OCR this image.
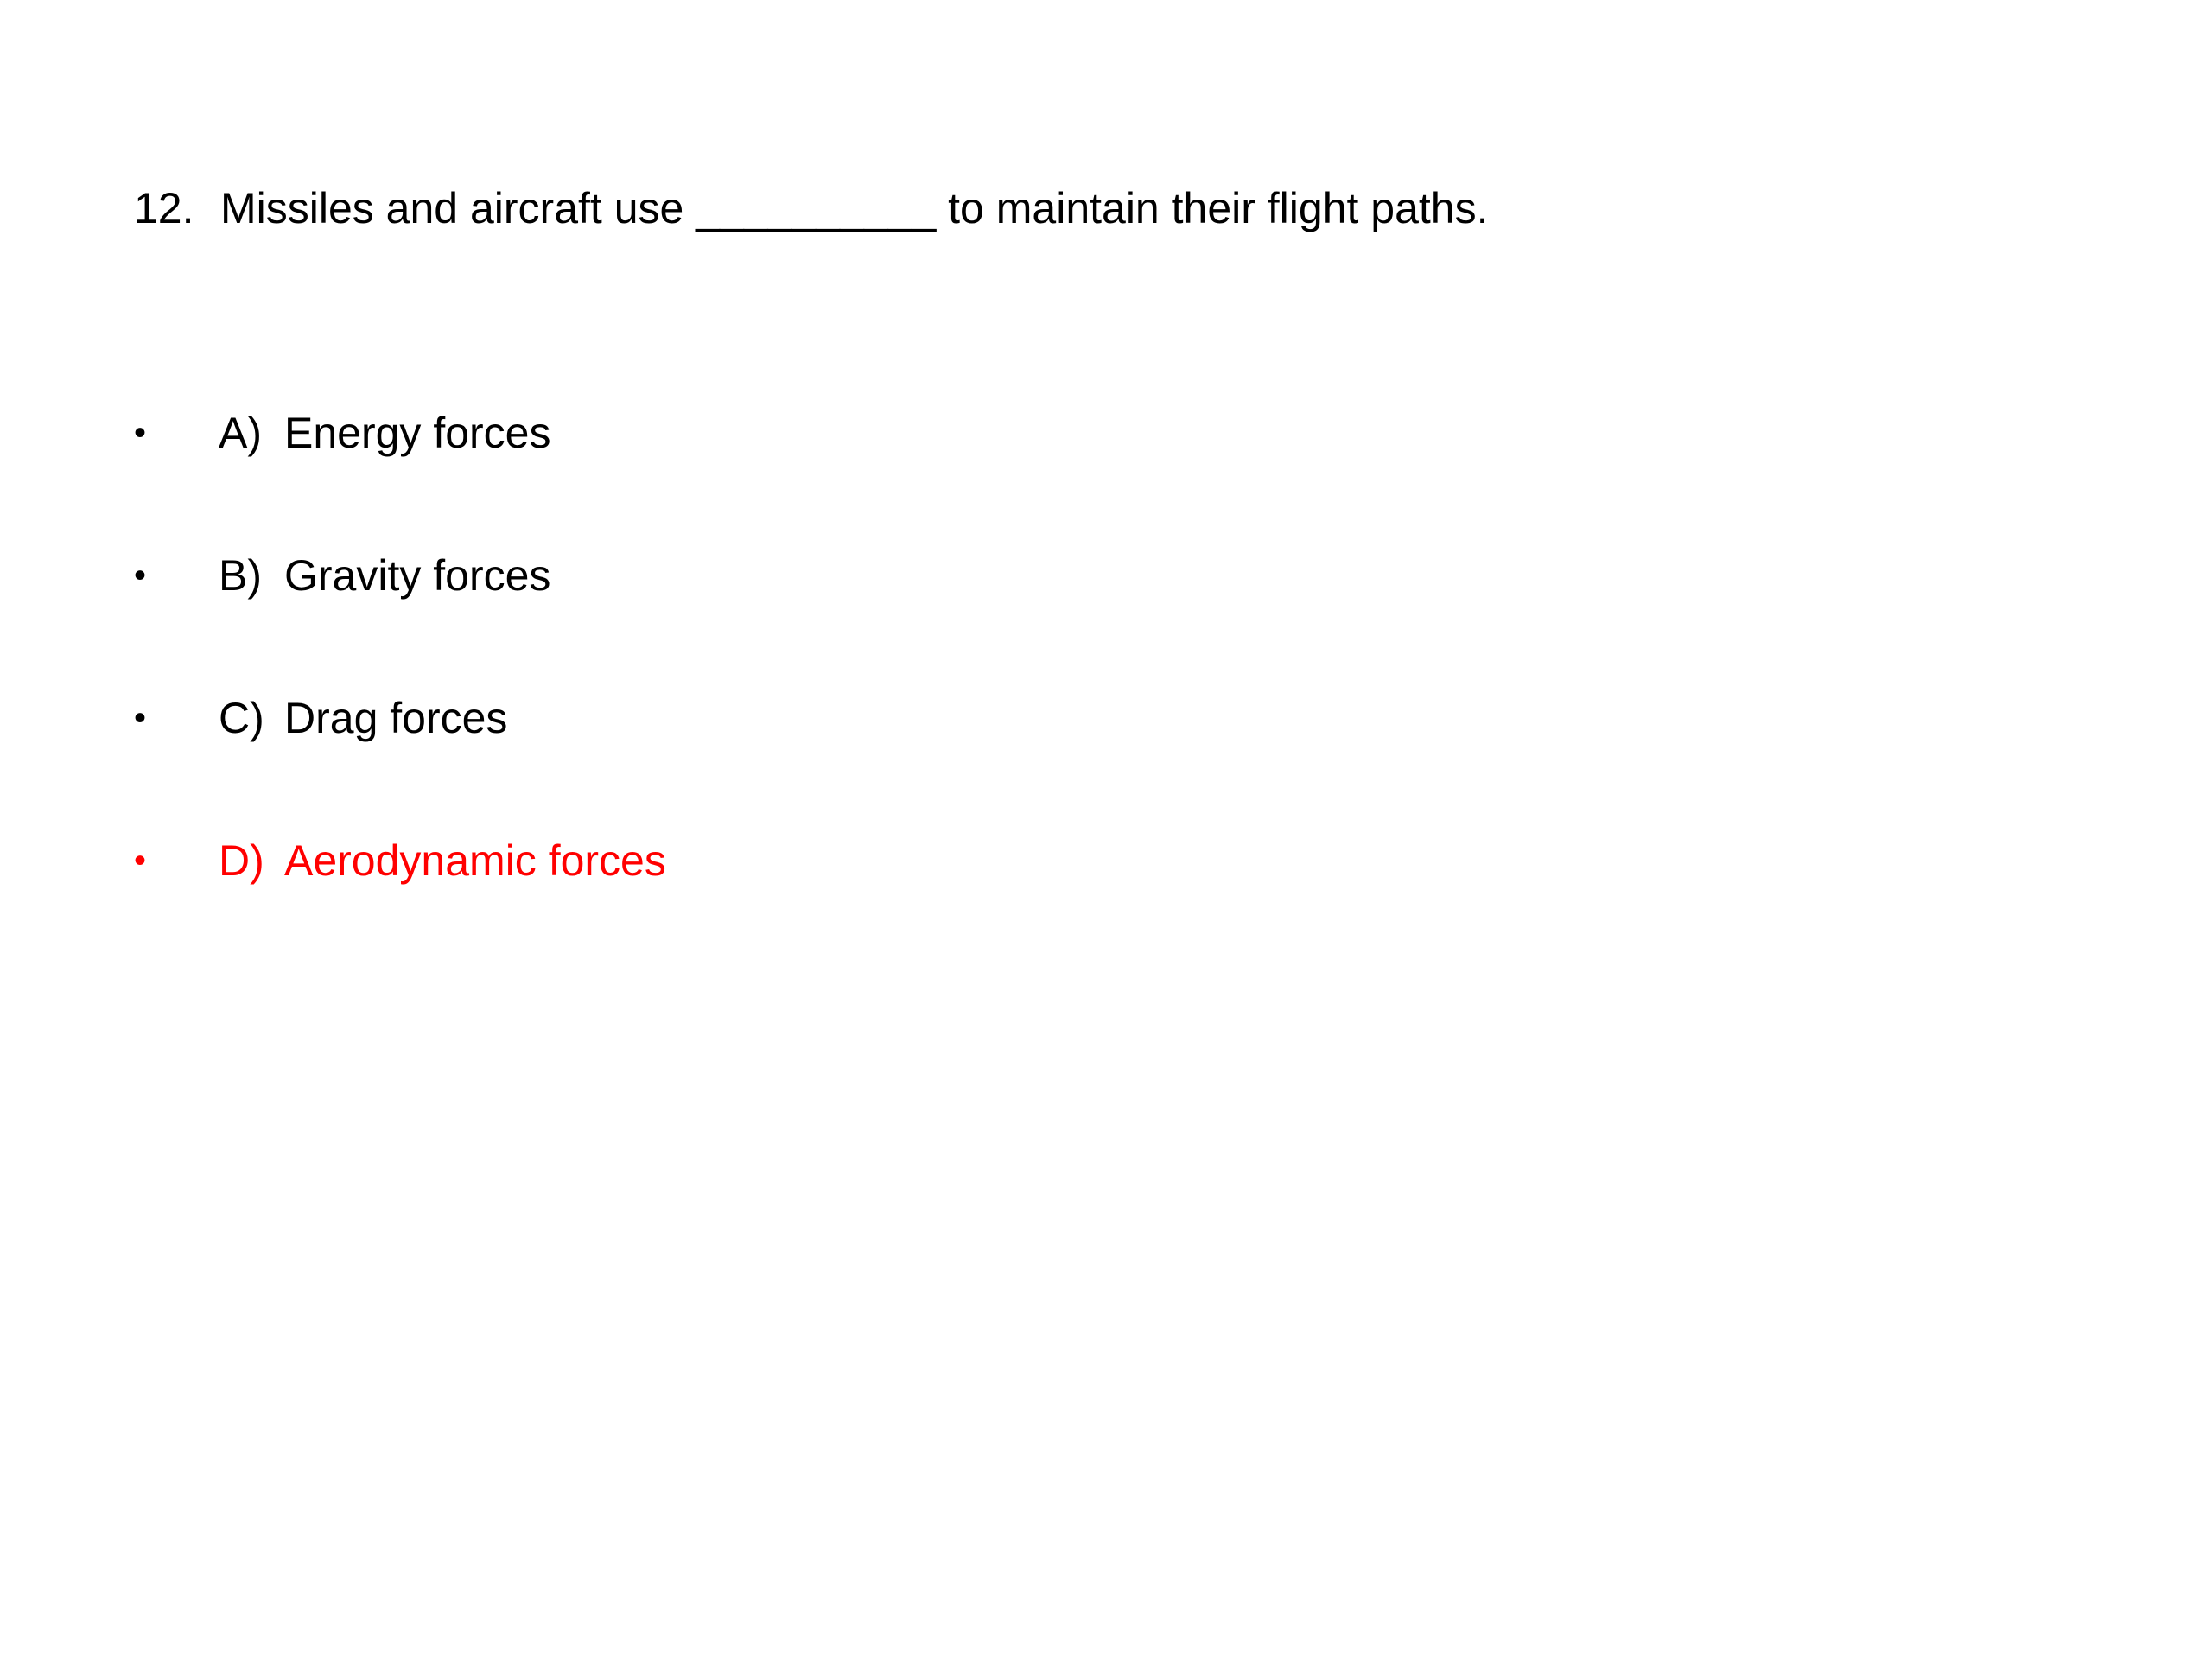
12. Missiles and aircraft use __________ to maintain their flight paths.
•	A) Energy forces
•	B) Gravity forces
•	C) Drag forces
•	D) Aerodynamic forces
